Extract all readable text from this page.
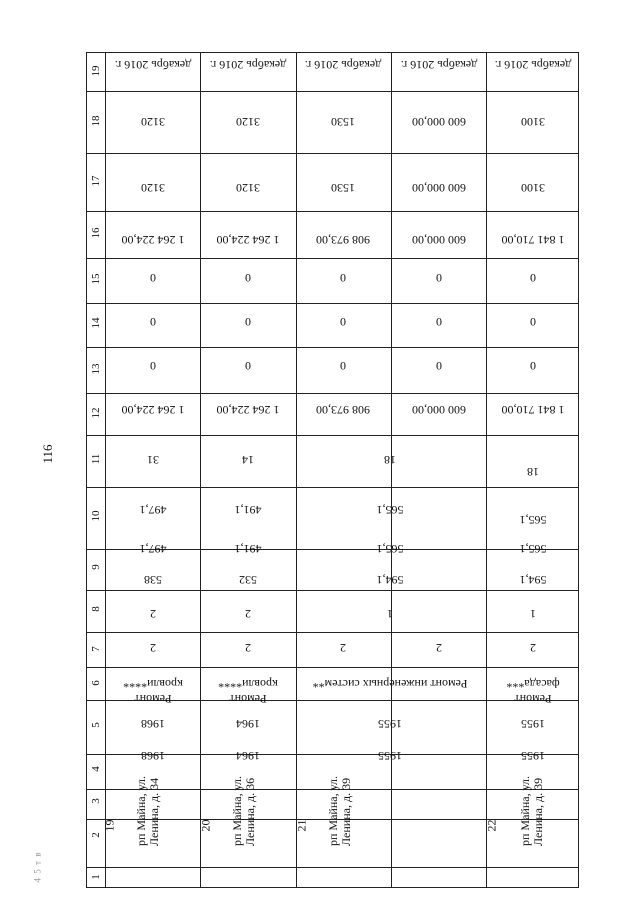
116
4 5 т в
19
18
17
16
15
14
13
12
11
10
9
8
7
6
5
4
3
2
1
19 рп Майна, ул. Ленина, д. 34
1968
1968
Ремонт кровли****
2
2
538
497,1
497,1
31
1 264 224,00
0
0
0
1 264 224,00
3120
3120
декабрь 2016 г.
20 рп Майна, ул. Ленина, д. 36
1964
1964
Ремонт кровли****
2
2
532
491,1
491,1
14
1 264 224,00
0
0
0
1 264 224,00
3120
3120
декабрь 2016 г.
21 рп Майна, ул. Ленина, д. 39
1955
1955
Ремонт инженерных систем**
2
1
594,1
565,1
565,1
18
908 973,00
0
0
0
908 973,00
1530
1530
декабрь 2016 г.
2
600 000,00
0
0
0
600 000,00
600 000,00
600 000,00
декабрь 2016 г.
22 рп Майна, ул. Ленина, д. 39
1955
1955
Ремонт фасада***
2
1
594,1
565,1
565,1
18
1 841 710,00
0
0
0
1 841 710,00
3100
3100
декабрь 2016 г.
